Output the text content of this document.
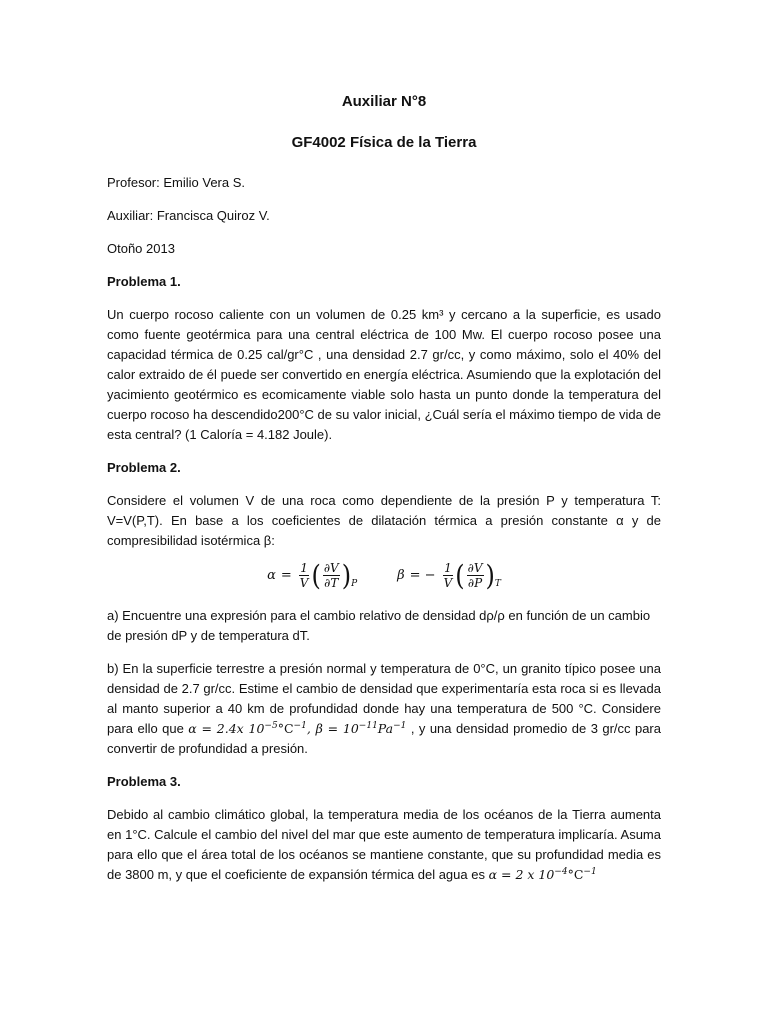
Auxiliar N°8

GF4002 Física de la Tierra

Profesor: Emilio Vera S.

Auxiliar: Francisca Quiroz V.

Otoño 2013

Problema 1.

Un cuerpo rocoso caliente con un volumen de 0.25 km³ y cercano a la superficie, es usado como fuente geotérmica para una central eléctrica de 100 Mw. El cuerpo rocoso posee una capacidad térmica de 0.25 cal/gr°C , una densidad 2.7 gr/cc, y como máximo, solo el 40% del calor extraido de él puede ser convertido en energía eléctrica. Asumiendo que la explotación del yacimiento geotérmico es ecomicamente viable solo hasta un punto donde la temperatura del cuerpo rocoso ha descendido200°C de su valor inicial, ¿Cuál sería el máximo tiempo de vida de esta central? (1 Caloría = 4.182 Joule).

Problema 2.

Considere el volumen V de una roca como dependiente de la presión P y temperatura T: V=V(P,T). En base a los coeficientes de dilatación térmica a presión constante α y de compresibilidad isotérmica β:

$\alpha = \frac{1}{V}$ ( $\frac{\partial V}{\partial T}$ ) P
β = − $\frac{1}{V}$ ( $\frac{\partial V}{\partial P}$ ) T

a) Encuentre una expresión para el cambio relativo de densidad dρ/ρ en función de un cambio de presión dP y de temperatura dT.

b) En la superficie terrestre a presión normal y temperatura de 0°C, un granito típico posee una densidad de 2.7 gr/cc. Estime el cambio de densidad que experimentaría esta roca si es llevada al manto superior a 40 km de profundidad donde hay una temperatura de 500 °C. Considere para ello que α = 2.4x $10^{-5}^\circ C^{-1}$, $\beta = 10^{-11}Pa^{-1}$ , y una densidad promedio de 3 gr/cc para convertir de profundidad a presión.

Problema 3.

Debido al cambio climático global, la temperatura media de los océanos de la Tierra aumenta en 1°C. Calcule el cambio del nivel del mar que este aumento de temperatura implicaría. Asuma para ello que el área total de los océanos se mantiene constante, que su profundidad media es de 3800 m, y que el coeficiente de expansión térmica del agua es α = 2 x $10^{-4}^\circ C^{-1}$
